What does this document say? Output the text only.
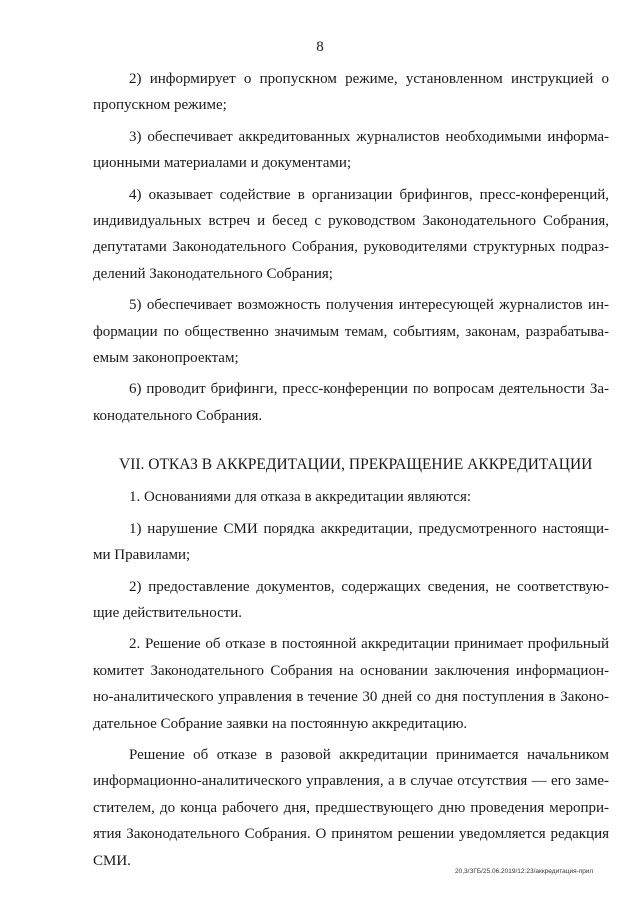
8

2) информирует о пропускном режиме, установленном инструкцией о
пропускном режиме;

3) обеспечивает аккредитованных журналистов необходимыми информа-
ционными материалами и документами;

4) оказывает содействие в организации брифингов, пресс-конференций,
индивидуальных встреч и бесед с руководством Законодательного Собрания,
депутатами Законодательного Собрания, руководителями структурных подраз-
делений Законодательного Собрания;

5) обеспечивает возможность получения интересующей журналистов ин-
формации по общественно значимым темам, событиям, законам, разрабатыва-
емым законопроектам;

6) проводит брифинги, пресс-конференции по вопросам деятельности За-
конодательного Собрания.

VII. ОТКАЗ В АККРЕДИТАЦИИ, ПРЕКРАЩЕНИЕ АККРЕДИТАЦИИ

1. Основаниями для отказа в аккредитации являются:

1) нарушение СМИ порядка аккредитации, предусмотренного настоящи-
ми Правилами;

2) предоставление документов, содержащих сведения, не соответствую-
щие действительности.

2. Решение об отказе в постоянной аккредитации принимает профильный
комитет Законодательного Собрания на основании заключения информацион-
но-аналитического управления в течение 30 дней со дня поступления в Законо-
дательное Собрание заявки на постоянную аккредитацию.

Решение об отказе в разовой аккредитации принимается начальником
информационно-аналитического управления, а в случае отсутствия — его заме-
стителем, до конца рабочего дня, предшествующего дню проведения меропри-
ятия Законодательного Собрания. О принятом решении уведомляется редакция
СМИ.

20,3/ЗГБ/25.06.2019/12:23/аккредитация-прил
